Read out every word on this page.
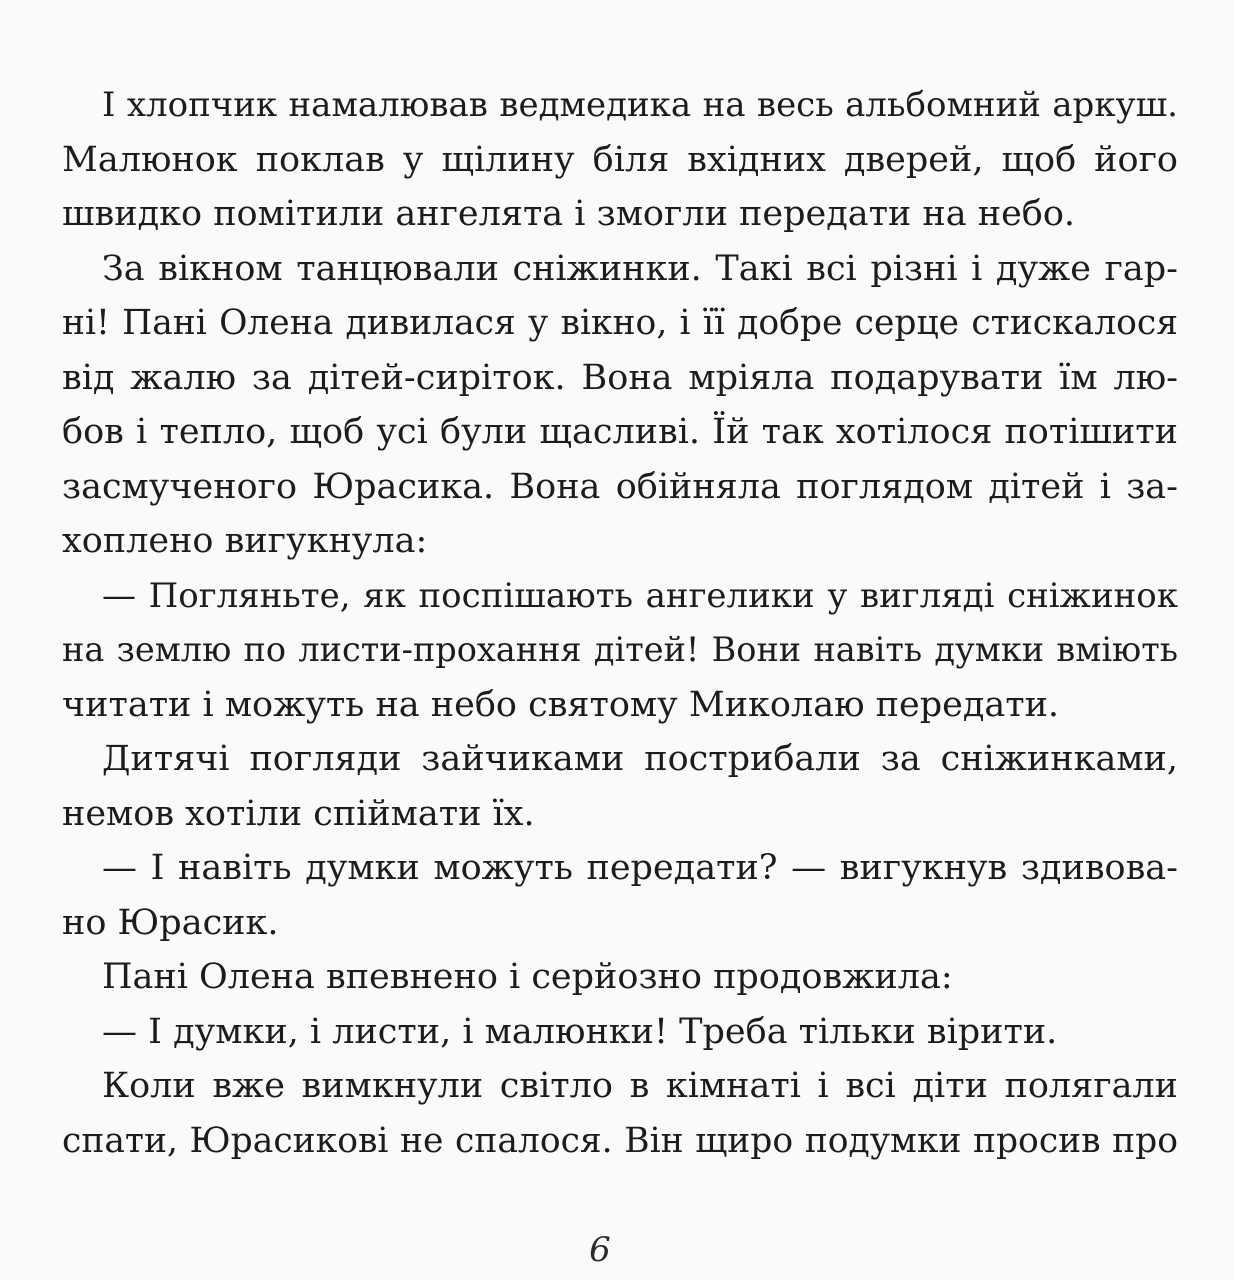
І хлопчик намалював ведмедика на весь альбомний аркуш.
Малюнок поклав у щілину біля вхідних дверей, щоб його
швидко помітили ангелята і змогли передати на небо.
За вікном танцювали сніжинки. Такі всі різні і дуже гар-
ні! Пані Олена дивилася у вікно, і її добре серце стискалося
від жалю за дітей-сиріток. Вона мріяла подарувати їм лю-
бов і тепло, щоб усі були щасливі. Їй так хотілося потішити
засмученого Юрасика. Вона обійняла поглядом дітей і за-
хоплено вигукнула:
— Погляньте, як поспішають ангелики у вигляді сніжинок
на землю по листи-прохання дітей! Вони навіть думки вміють
читати і можуть на небо святому Миколаю передати.
Дитячі погляди зайчиками пострибали за сніжинками,
немов хотіли спіймати їх.
— І навіть думки можуть передати? — вигукнув здивова-
но Юрасик.
Пані Олена впевнено і серйозно продовжила:
— І думки, і листи, і малюнки! Треба тільки вірити.
Коли вже вимкнули світло в кімнаті і всі діти полягали
спати, Юрасикові не спалося. Він щиро подумки просив про
6
